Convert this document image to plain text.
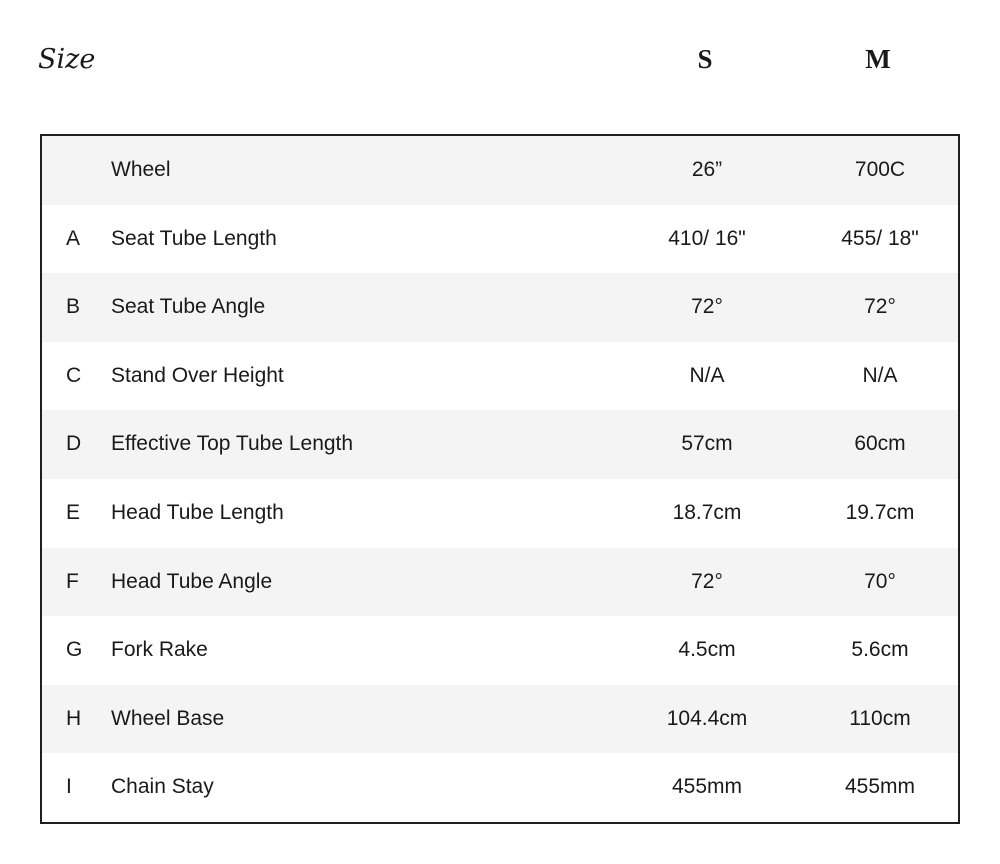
Size	S	M
Wheel	26”	700C
A Seat Tube Length	410/ 16"	455/ 18"
B Seat Tube Angle	72°	72°
C Stand Over Height	N/A	N/A
D Effective Top Tube Length	57cm	60cm
E Head Tube Length	18.7cm	19.7cm
F Head Tube Angle	72°	70°
G Fork Rake	4.5cm	5.6cm
H Wheel Base	104.4cm	110cm
I Chain Stay	455mm	455mm
